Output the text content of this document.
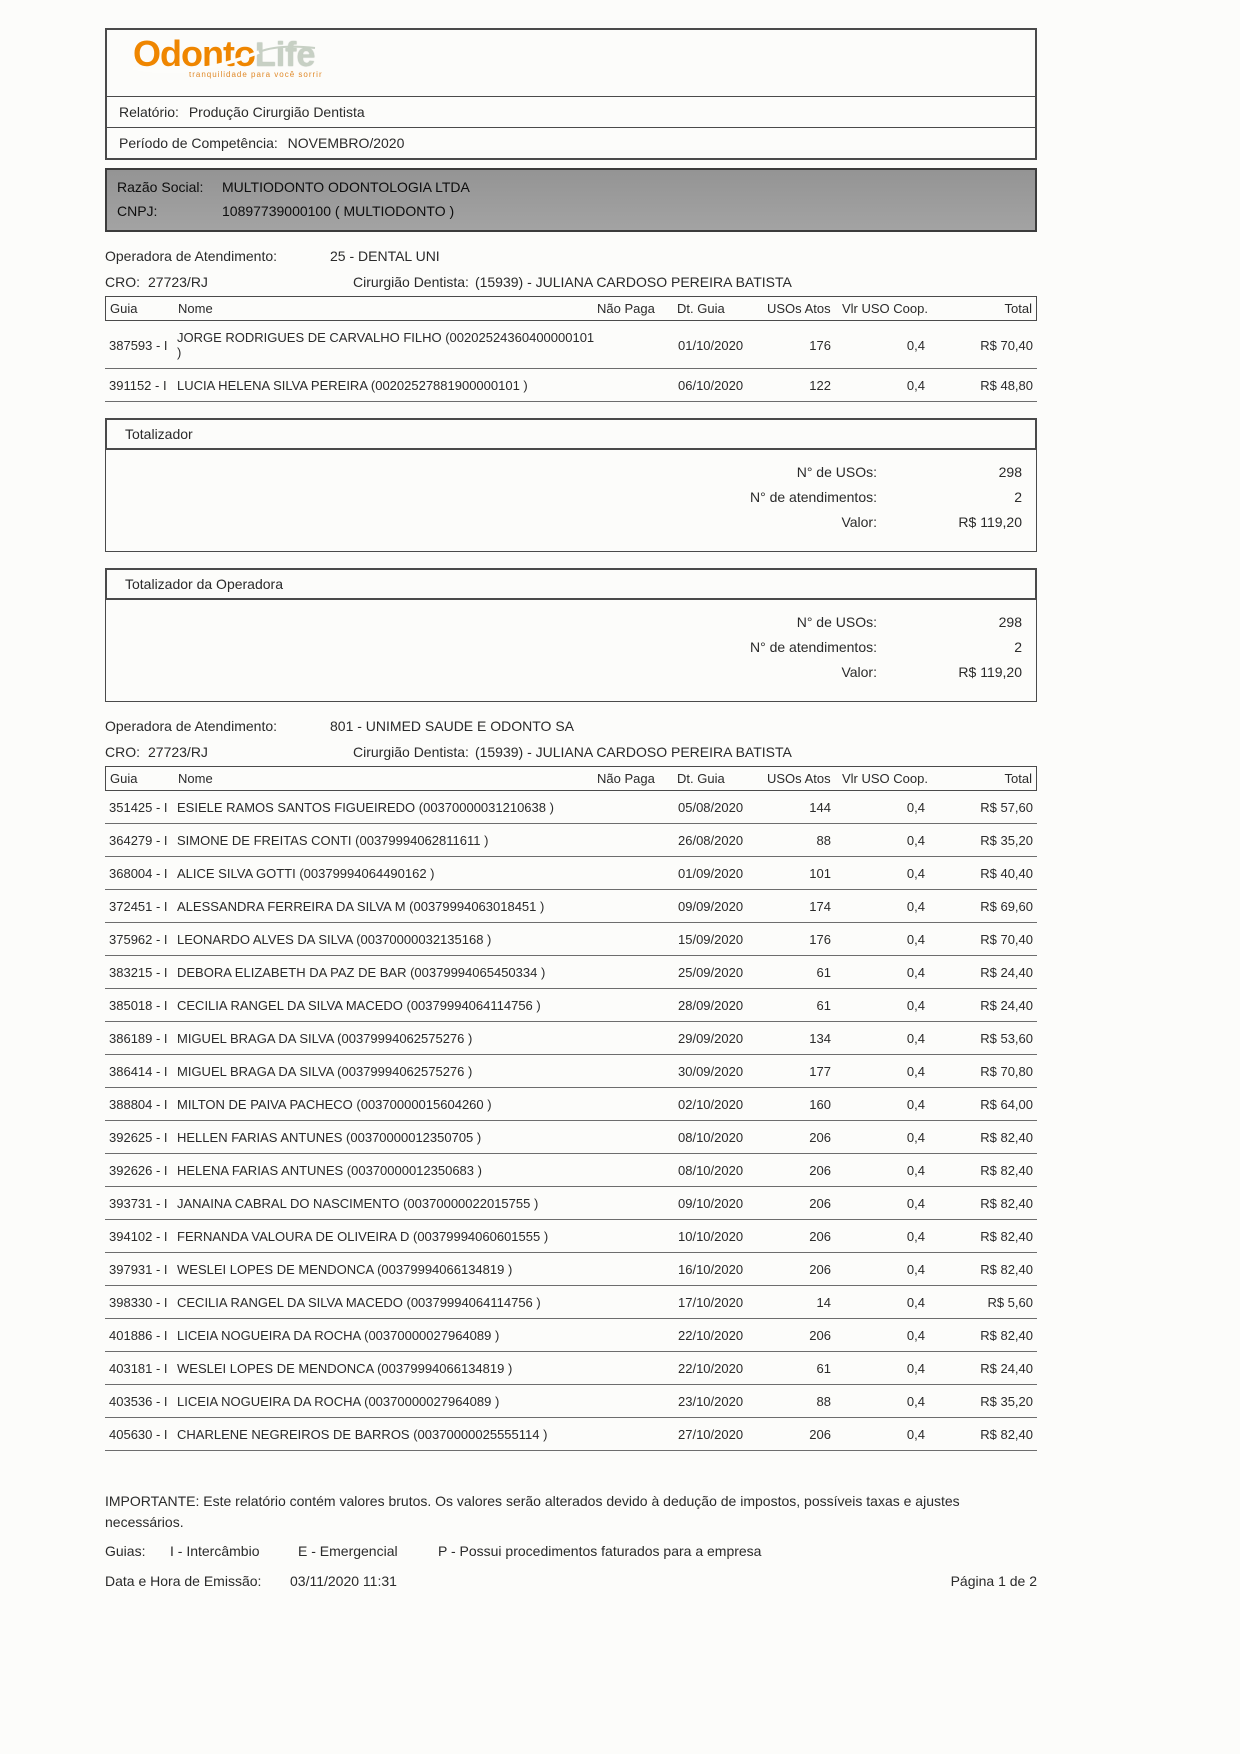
OdontoLife
tranquilidade para você sorrir
Relatório: Produção Cirurgião Dentista
Período de Competência: NOVEMBRO/2020
Razão Social:	MULTIODONTO ODONTOLOGIA LTDA
CNPJ:	10897739000100 ( MULTIODONTO )
Operadora de Atendimento:	25 - DENTAL UNI
CRO: 27723/RJ	Cirurgião Dentista: (15939) - JULIANA CARDOSO PEREIRA BATISTA
Guia	Nome	Não Paga	Dt. Guia	USOs Atos Vlr USO Coop.	Total
387593 - I JORGE RODRIGUES DE CARVALHO FILHO (00202524360400000101 )	01/10/2020	176	0,4	R$ 70,40
391152 - I LUCIA HELENA SILVA PEREIRA (00202527881900000101 )	06/10/2020	122	0,4	R$ 48,80
Totalizador
N° de USOs:	298
N° de atendimentos:	2
Valor:	R$ 119,20
Totalizador da Operadora
N° de USOs:	298
N° de atendimentos:	2
Valor:	R$ 119,20
Operadora de Atendimento:	801 - UNIMED SAUDE E ODONTO SA
CRO: 27723/RJ	Cirurgião Dentista: (15939) - JULIANA CARDOSO PEREIRA BATISTA
Guia	Nome	Não Paga	Dt. Guia	USOs Atos Vlr USO Coop.	Total
351425 - I ESIELE RAMOS SANTOS FIGUEIREDO (00370000031210638 )	05/08/2020	144	0,4	R$ 57,60
364279 - I SIMONE DE FREITAS CONTI (00379994062811611 )	26/08/2020	88	0,4	R$ 35,20
368004 - I ALICE SILVA GOTTI (00379994064490162 )	01/09/2020	101	0,4	R$ 40,40
372451 - I ALESSANDRA FERREIRA DA SILVA M (00379994063018451 )	09/09/2020	174	0,4	R$ 69,60
375962 - I LEONARDO ALVES DA SILVA (00370000032135168 )	15/09/2020	176	0,4	R$ 70,40
383215 - I DEBORA ELIZABETH DA PAZ DE BAR (00379994065450334 )	25/09/2020	61	0,4	R$ 24,40
385018 - I CECILIA RANGEL DA SILVA MACEDO (00379994064114756 )	28/09/2020	61	0,4	R$ 24,40
386189 - I MIGUEL BRAGA DA SILVA (00379994062575276 )	29/09/2020	134	0,4	R$ 53,60
386414 - I MIGUEL BRAGA DA SILVA (00379994062575276 )	30/09/2020	177	0,4	R$ 70,80
388804 - I MILTON DE PAIVA PACHECO (00370000015604260 )	02/10/2020	160	0,4	R$ 64,00
392625 - I HELLEN FARIAS ANTUNES (00370000012350705 )	08/10/2020	206	0,4	R$ 82,40
392626 - I HELENA FARIAS ANTUNES (00370000012350683 )	08/10/2020	206	0,4	R$ 82,40
393731 - I JANAINA CABRAL DO NASCIMENTO (00370000022015755 )	09/10/2020	206	0,4	R$ 82,40
394102 - I FERNANDA VALOURA DE OLIVEIRA D (00379994060601555 )	10/10/2020	206	0,4	R$ 82,40
397931 - I WESLEI LOPES DE MENDONCA (00379994066134819 )	16/10/2020	206	0,4	R$ 82,40
398330 - I CECILIA RANGEL DA SILVA MACEDO (00379994064114756 )	17/10/2020	14	0,4	R$ 5,60
401886 - I LICEIA NOGUEIRA DA ROCHA (00370000027964089 )	22/10/2020	206	0,4	R$ 82,40
403181 - I WESLEI LOPES DE MENDONCA (00379994066134819 )	22/10/2020	61	0,4	R$ 24,40
403536 - I LICEIA NOGUEIRA DA ROCHA (00370000027964089 )	23/10/2020	88	0,4	R$ 35,20
405630 - I CHARLENE NEGREIROS DE BARROS (00370000025555114 )	27/10/2020	206	0,4	R$ 82,40
IMPORTANTE: Este relatório contém valores brutos. Os valores serão alterados devido à dedução de impostos, possíveis taxas e ajustes necessários.
Guias:	I - Intercâmbio	E - Emergencial	P - Possui procedimentos faturados para a empresa
Data e Hora de Emissão:	03/11/2020 11:31	Página 1 de 2
